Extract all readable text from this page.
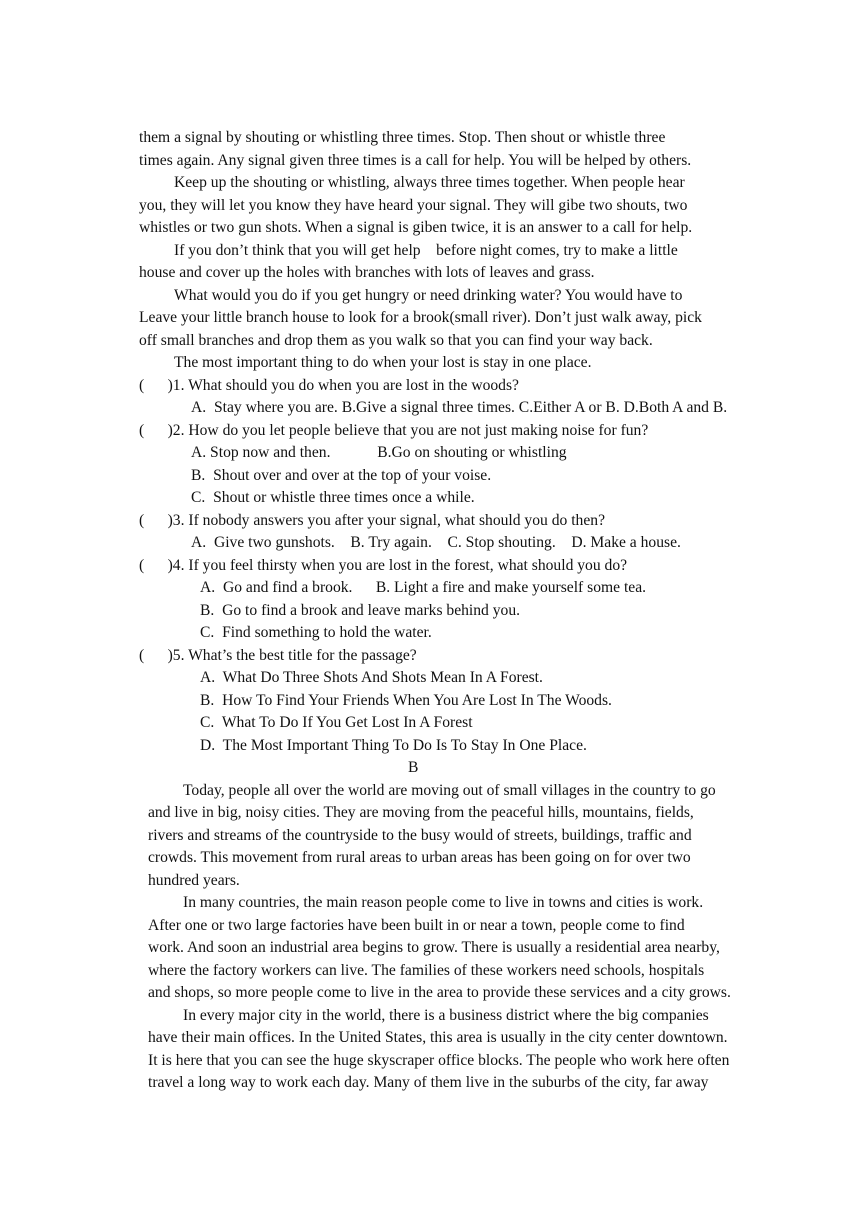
them a signal by shouting or whistling three times. Stop. Then shout or whistle three
times again. Any signal given three times is a call for help. You will be helped by others.
Keep up the shouting or whistling, always three times together. When people hear
you, they will let you know they have heard your signal. They will gibe two shouts, two
whistles or two gun shots. When a signal is giben twice, it is an answer to a call for help.
If you don’t think that you will get help    before night comes, try to make a little
house and cover up the holes with branches with lots of leaves and grass.
What would you do if you get hungry or need drinking water? You would have to
Leave your little branch house to look for a brook(small river). Don’t just walk away, pick
off small branches and drop them as you walk so that you can find your way back.
The most important thing to do when your lost is stay in one place.
(      )1. What should you do when you are lost in the woods?
A.  Stay where you are. B.Give a signal three times. C.Either A or B. D.Both A and B.
(      )2. How do you let people believe that you are not just making noise for fun?
A. Stop now and then.            B.Go on shouting or whistling
B.  Shout over and over at the top of your voise.
C.  Shout or whistle three times once a while.
(      )3. If nobody answers you after your signal, what should you do then?
A.  Give two gunshots.    B. Try again.    C. Stop shouting.    D. Make a house.
(      )4. If you feel thirsty when you are lost in the forest, what should you do?
A.  Go and find a brook.      B. Light a fire and make yourself some tea.
B.  Go to find a brook and leave marks behind you.
C.  Find something to hold the water.
(      )5. What’s the best title for the passage?
A.  What Do Three Shots And Shots Mean In A Forest.
B.  How To Find Your Friends When You Are Lost In The Woods.
C.  What To Do If You Get Lost In A Forest
D.  The Most Important Thing To Do Is To Stay In One Place.
B
Today, people all over the world are moving out of small villages in the country to go
and live in big, noisy cities. They are moving from the peaceful hills, mountains, fields,
rivers and streams of the countryside to the busy would of streets, buildings, traffic and
crowds. This movement from rural areas to urban areas has been going on for over two
hundred years.
In many countries, the main reason people come to live in towns and cities is work.
After one or two large factories have been built in or near a town, people come to find
work. And soon an industrial area begins to grow. There is usually a residential area nearby,
where the factory workers can live. The families of these workers need schools, hospitals
and shops, so more people come to live in the area to provide these services and a city grows.
In every major city in the world, there is a business district where the big companies
have their main offices. In the United States, this area is usually in the city center downtown.
It is here that you can see the huge skyscraper office blocks. The people who work here often
travel a long way to work each day. Many of them live in the suburbs of the city, far away
